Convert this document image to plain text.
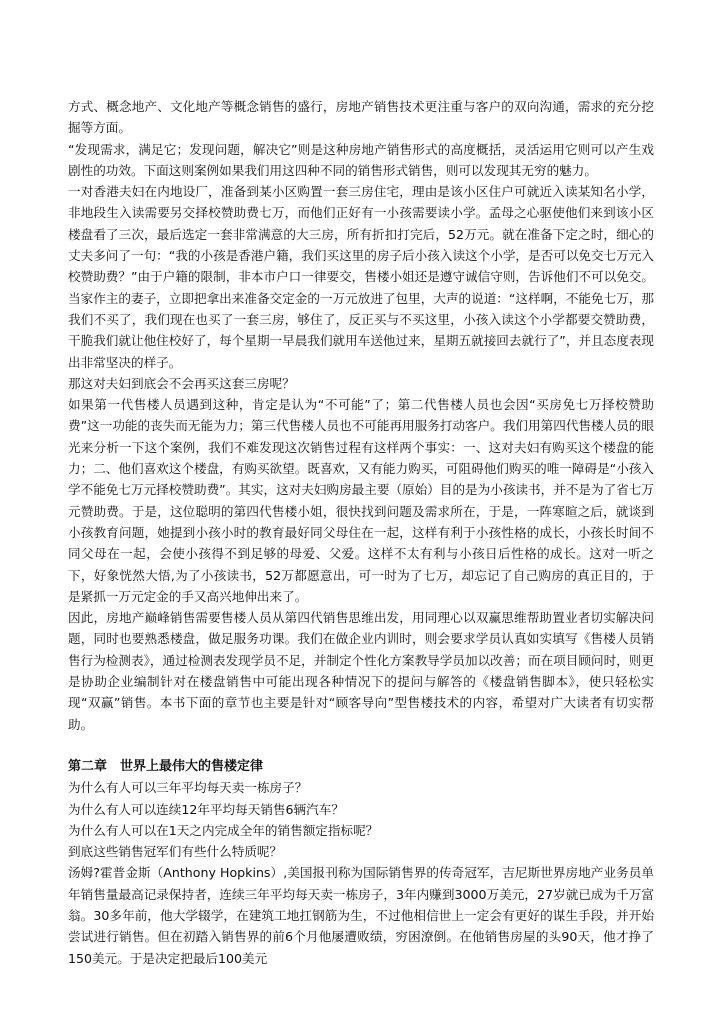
方式、概念地产、文化地产等概念销售的盛行，房地产销售技术更注重与客户的双向沟通，需求的充分挖掘等方面。

“发现需求，满足它；发现问题，解决它”则是这种房地产销售形式的高度概括，灵活运用它则可以产生戏剧性的功效。下面这则案例如果我们用这四种不同的销售形式销售，则可以发现其无穷的魅力。

一对香港夫妇在内地设厂，准备到某小区购置一套三房住宅，理由是该小区住户可就近入读某知名小学，非地段生入读需要另交择校赞助费七万，而他们正好有一小孩需要读小学。孟母之心驱使他们来到该小区楼盘看了三次，最后选定一套非常满意的大三房，所有折扣打完后，52万元。就在准备下定之时，细心的丈夫多问了一句：“我的小孩是香港户籍，我们买这里的房子后小孩入读这个小学，是否可以免交七万元入校赞助费？”由于户籍的限制，非本市户口一律要交，售楼小姐还是遵守诚信守则，告诉他们不可以免交。当家作主的妻子，立即把拿出来准备交定金的一万元放进了包里，大声的说道：“这样啊，不能免七万，那我们不买了，我们现在也买了一套三房，够住了，反正买与不买这里，小孩入读这个小学都要交赞助费，干脆我们就让他住校好了，每个星期一早晨我们就用车送他过来，星期五就接回去就行了”，并且态度表现出非常坚决的样子。

那这对夫妇到底会不会再买这套三房呢？

如果第一代售楼人员遇到这种，肯定是认为“不可能”了；第二代售楼人员也会因“买房免七万择校赞助费”这一功能的丧失而无能为力；第三代售楼人员也不可能再用服务打动客户。我们用第四代售楼人员的眼光来分析一下这个案例，我们不难发现这次销售过程有这样两个事实：一、这对夫妇有购买这个楼盘的能力；二、他们喜欢这个楼盘，有购买欲望。既喜欢，又有能力购买，可阻碍他们购买的唯一障碍是“小孩入学不能免七万元择校赞助费”。其实，这对夫妇购房最主要（原始）目的是为小孩读书，并不是为了省七万元赞助费。于是，这位聪明的第四代售楼小姐，很快找到问题及需求所在，于是，一阵寒暄之后，就谈到小孩教育问题，她提到小孩小时的教育最好同父母住在一起，这样有利于小孩性格的成长，小孩长时间不同父母在一起，会使小孩得不到足够的母爱、父爱。这样不太有利与小孩日后性格的成长。这对一听之下，好象恍然大悟,为了小孩读书，52万都愿意出，可一时为了七万，却忘记了自己购房的真正目的，于是紧抓一万元定金的手又高兴地伸出来了。

因此，房地产巅峰销售需要售楼人员从第四代销售思维出发，用同理心以双赢思维帮助置业者切实解决问题，同时也要熟悉楼盘，做足服务功课。我们在做企业内训时，则会要求学员认真如实填写《售楼人员销售行为检测表》，通过检测表发现学员不足，并制定个性化方案教导学员加以改善；而在项目顾问时，则更是协助企业编制针对在楼盘销售中可能出现各种情况下的提问与解答的《楼盘销售脚本》，使只轻松实现“双赢”销售。本书下面的章节也主要是针对“顾客导向”型售楼技术的内容，希望对广大读者有切实帮助。

第二章　世界上最伟大的售楼定律

为什么有人可以三年平均每天卖一栋房子？

为什么有人可以连续12年平均每天销售6辆汽车？

为什么有人可以在1天之内完成全年的销售额定指标呢？

到底这些销售冠军们有些什么特质呢？

汤姆?霍普金斯（Anthony Hopkins）,美国报刊称为国际销售界的传奇冠军，吉尼斯世界房地产业务员单年销售量最高记录保持者，连续三年平均每天卖一栋房子，3年内赚到3000万美元，27岁就已成为千万富翁。30多年前，他大学辍学，在建筑工地扛钢筋为生，不过他相信世上一定会有更好的谋生手段，并开始尝试进行销售。但在初踏入销售界的前6个月他屡遭败绩，穷困潦倒。在他销售房屋的头90天，他才挣了150美元。于是决定把最后100美元
